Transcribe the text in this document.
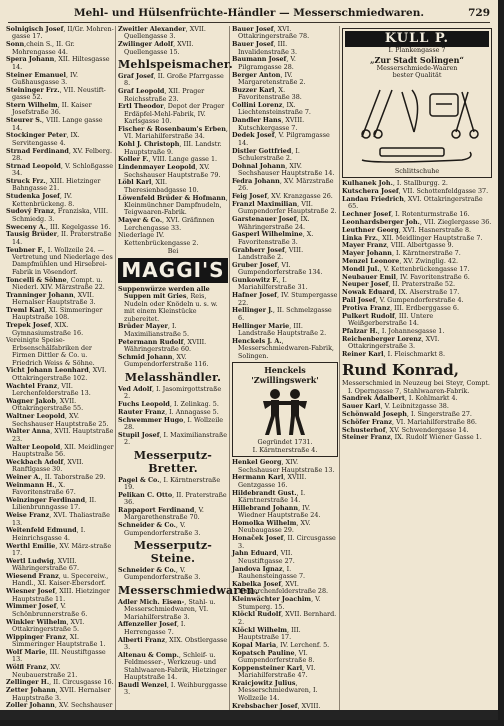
Mehl- und Hülsenfrüchte-Händler — Messerschmiedwaren.	729
Solnigisch Josef, II/Gr. Mohren-gasse 17.
Sonn,chein S., II. Gr. Mohrengasse 44.
Spera Johann, XII. Hiltesgasse 14.
Steiner Emanuel, IV. Gußhausgasse 3.
Steininger Frz., VII. Neustift-gasse 52.
Stern Wilhelm, II. Kaiser Josefstraße 36.
Steurer S., VIII. Lange gasse 14.
Stockinger Peter, IX. Servitengasse 4.
Strnad Ferdinand, XV. Felberg. 28.
Strnad Leopold, V. Schloßgasse 34.
Struck Frz., XIII. Hietzinger Bahngasse 21.
Studenka Josef, IV. Kettenbrückeng. 8.
Sudový Franz, Franziska, VIII. Schmiedg. 3.
Sweceny A., III. Kegelgasse 16.
Tausig Brüder, II. Praterstraße 14.
Teubner F., I. Wollzeile 24. — Vertretung und Niederlage des Dampfmühlen und Hirsebrei-Fabrik in Vösendorf.
Toncelli & Söhne, Compt. u. Niederl. XIV. Märzstraße 22.
Tranninger Johann, XVII. Hernalser Hauptstraße 3.
Treml Karl, XI. Simmeringer Hauptstraße 108.
Trepek Josef, XIX. Gymnasiumstraße 16.
Vereinigte Speise-Erbsenschälfabriken der Firmen Dittler & Co. u. Friedrich Weiss & Söhne.
Vicht Johann Leonhard, XVI. Ottakringerstraße 102.
Wachtel Franz, VII. Lerchenfelderstraße 13.
Wagner Jakob, XVII. Ottakringerstraße 55.
Waltner Leopold, XV. Sechshauser Hauptstraße 25.
Walter Anna, XVII. Hauptstraße 23.
Walter Leopold, XII. Meidlinger Hauptstraße 56.
Weckbach Adolf, XVII. Ranftlgasse 30.
Weiner A., II. Taborstraße 29.
Weinmann H., X. Favoritenstraße 67.
Weinzinger Ferdinand, II. Lilienbrunngasse 17.
Weise Franz, XVI. Thaliastraße 13.
Weitenfeld Edmund, I. Heinrichsgasse 4.
Werthl Emilie, XV. März-straße 17.
Wertl Ludwig, XVIII. Währingerstraße 67.
Wiesend Franz, u. Specereiw., Handl., XI. Kaiser-Ebersdorf.
Wiesner Josef, XIII. Hietzinger Hauptstraße 11.
Wimmer Josef, V. Schönbrunnerstraße 6.
Winkler Wilhelm, XVI. Ottakringerstraße 5.
Wippinger Franz, XI. Simmeringer Hauptstraße 1.
Wolf Marie, III. Neustiftgasse 13.
Wölfl Franz, XV. Neubauerstraße 21.
Zellinger H., II. Circusgasse 16.
Zetter Johann, XVII. Hernalser Hauptstraße 3.
Zoller Johann, XV. Sechshauser
Zweitler Alexander, XVII. Quellengasse 3.
Zwilinger Adolf, XVII. Quellengasse 15.
Mehlspeismacher.
Graf Josef, II. Große Pfarrgasse 8.
Graf Leopold, XII. Prager Reichsstraße 23.
Ertl Theodor, Depot der Prager Erdäpfel-Mehl-Fabrik, IV. Karlsgasse 10.
Fischer & Rosenbaum's Erben, VI. Mariahilferstraße 34.
Kohl J. Christoph, III. Landstr. Hauptstraße 9.
Koller F., VIII. Lange gasse 1.
Lindenmayer Leopold, XV. Sechshauser Hauptstraße 79.
Löbl Karl, XII. Theresienbadgasse 10.
Löwenfeld Brüder & Hofmann, Kleinmünchner Dampfnudeln, Teigwaaren-Fabrik.
Mayer & Co., XVI. Gräfinnen Lerchengasse 33.
Niederlage IV. Kettenbrückengasse 2.
Bei
MAGGI'S
Suppenwürze werden alle Suppen mit Gries, Reis, Nudeln oder Knödeln u. s. w. mit einem Kleinstücke zubereitet.
Brüder Mayer, I. Maximilianstraße 5.
Petermann Rudolf, XVIII. Währingerstraße 60.
Schmid Johann, XV. Gumpendorferstraße 116.
Melasshändler.
Ved Adolf, I. Jasomirgottstraße 2.
Fuchs Leopold, I. Zelinkag. 5.
Rauter Franz, I. Annagasse 5.
Schwemmer Hugo, I. Wollzeile 28.
Stupil Josef, I. Maximilianstraße 2.
Messerputz-Bretter.
Pagel & Co., I. Kärntnerstraße 19.
Pelikan C. Otto, II. Praterstraße 36.
Rappaport Ferdinand, V. Margarethenstraße 70.
Schneider & Co., V. Gumpendorferstraße 3.
Messerputz-Steine.
Schneider & Co., V. Gumpendorferstraße 3.
Messerschmiedwaren.
Adler Mich. Eisen-, Stahl- u. Messerschmiedwaren, VI. Mariahilferstraße 3.
Affenzeller Josef, I. Herrengasse 7.
Alberti Franz, XIX. Obstlergasse 3.
Altenau & Comp., Schleif- u. Feldmesser-, Werkzeug- und Stahlwaaren-Fabrik, Hietzinger Hauptstraße 14.
Baudl Wenzel, I. Weihburggasse 3.
Bauer Josef, XVI. Ottakringerstraße 78.
Bauer Josef, III. Invalidenstraße 3.
Baumann Josef, V. Pilgramgasse 28.
Berger Anton, IV. Margaretenstraße 2.
Buzzer Karl, X. Favoritenstraße 38.
Collini Lorenz, IX. Liechtensteinstraße 7.
Dandler Hans, XVIII. Kutschkergasse 7.
Dedek Josef, V. Pilgramgasse 14.
Distler Gottfried, I. Schulerstraße 2.
Dohnal Johann, XIV. Sechshauser Hauptstraße 14.
Fedra Johann, XV. Märzstraße 26.
Feig Josef, XV. Kranzgasse 26.
Franzl Maximilian, VII. Gumpendorfer Hauptstraße 2.
Garstenauer Josef, IX. Währingerstraße 24.
Gasperl Wilhelmine, X. Favoritenstraße 3.
Grabherr Josef, VIII. Landstraße 2.
Gruber Josef, VI. Gumpendorferstraße 134.
Gunkowitz F., I. Mariahilferstraße 31.
Hafner Josef, IV. Stumpergasse 22.
Hellinger J., II. Schmelzgasse 6.
Hellinger Marie, III. Landstraße Hauptstraße 2.
Henckels J. A., Messerschmiedwaren-Fabrik, Solingen.
Henckels 'Zwillingswerk'
Gegründet 1731.
I. Kärntnerstraße 4.
Henkel Georg, XIV. Sechshauser Hauptstraße 13.
Hermann Karl, XVIII. Gentzgasse 16.
Hildebrandt Gust., I. Kärntnerstraße 14.
Hillebrand Johann, IV. Wiedner Hauptstraße 24.
Homolka Wilhelm, XV. Neubaugasse 29.
Honaček Josef, II. Circusgasse 3.
Jahn Eduard, VII. Neustiftgasse 27.
Jandova Ignaz, I. Rauhensteingasse 7.
Kabelka Josef, XVI. Neulerchenfelderstraße 28.
Kleinwächter Joachim, V. Stumperg. 15.
Klöckl Rudolf, XVII. Bernhard. 2.
Klöckl Wilhelm, III. Hauptstraße 17.
Kopal Maria, IV. Lerchenf. 5.
Kopatsch Pauline, VI. Gumpendorferstraße 8.
Koppensteiner Karl, VI. Mariahilferstraße 47.
Kraicjowitz Julius, Messerschmiedwaren, I. Wollzeile 14.
Krebsbacher Josef, XVIII.
KULL P.
I. Plankengasse 7
„Zur Stadt Solingen“
Messerschmiede-Waaren
bester Qualität
Schlittschuhe
Kulhanek Joh., I. Stallburgg. 2.
Kutschera Josef, VII. Schottenfeldgasse 37.
Landau Friedrich, XVI. Ottakringerstraße 65.
Lechner Josef, I. Rotenturmstraße 16.
Leonhardsberger Joh., VII. Zieglergasse 36.
Leuthner Georg, XVI. Hasnerstraße 8.
Linka Frz., XII. Meidlinger Hauptstraße 7.
Mayer Franz, VIII. Albertgasse 9.
Mayer Johann, I. Kärntnerstraße 7.
Menzel Leonore, XV. Zwinglig. 42.
Mondl Jul., V. Kettenbrückengasse 17.
Neubauer Emil, IV. Favoritenstraße 6.
Neuper Josef, II. Praterstraße 52.
Nowak Eduard, IX. Alserstraße 17.
Pail Josef, V. Gumpendorferstraße 4.
Protiva Franz, III. Erdberggasse 6.
Pulkert Rudolf, III. Untere Weißgerberstraße 14.
Pfalzar H., I. Johannesgasse 1.
Reichenberger Lorenz, XVI. Ottakringerstraße 3.
Reiner Karl, I. Fleischmarkt 8.
Rund Konrad,
Messerschmied in Neuzeug bei Steyr, Compt. I. Operngasse 7, Stahlwaaren-Fabrik.
Sandrek Adalbert, I. Kohlmarkt 4.
Sauer Karl, V. Leibnitzgasse 38.
Schönwald Joseph, I. Singerstraße 27.
Schöfer Franz, VI. Mariahilferstraße 86.
Schusterhof, XV. Schwendergasse 14.
Steiner Franz, IX. Rudolf Wiener Gasse 1.
